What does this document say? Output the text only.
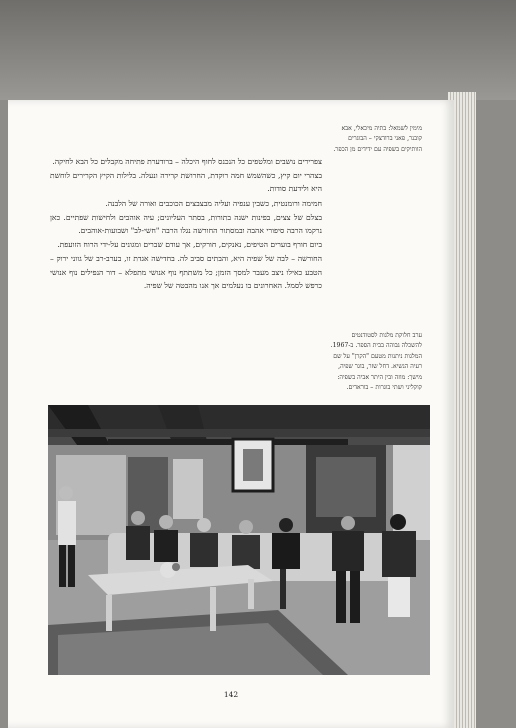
צפרירים נושבים ומלטפים כל הנכנס לחוף היכלה – ברודערת פתיחה מקבלים כל הבא לחיקה.

בצהרי יום קיץ, כשהשמש חמה רוקדת, החרושת קרירה ונעלה. בלילות הקיץ הקרירים לוחשת היא ולידעת סודות.

חמימה ורומנטית, כשבין ענפיה ועליה מבצבצים הכוכבים ואורה של הלבנה.

בצלם של צצים, בפינות ישנה בתורות, בסתר העליונים; עיה אוהבים ולחישות שפתיים. כאן נרקמו הרבה סיפורי אהבה ובמסתור החורשה נגלו הרבה "חשי-לב" ושבועות-אוהבים.

ביום חורף בוערים הטיפים, נאנקים, חורקים, אך עודם שברים ומגונים על-ידי הרוח הזועפת.

החורשה – לבה של שפיה היא, והבתים סביב לה. בחדישה אגדת זו, בערב-רב של גווני ירוק – הטבע כאילו ניצב מעבר למסך הזמן; כל משתתף נוף אנושי מתפלא – דור הנפילים נוף אנושי כרפש לסמל. האחרונים בו נעלמים אך אנו מהבטה של שפיה.

מימין לשמאל: בתיה מיכאלי, אבא קובנר, פאני ברודצקי – הבוגרים הוותיקים בשפיה עם ידידים מן הכפר.
ערב חלוקת מלגות לסטודנטים להשכלה גבוהה בבית הספר. ב-1967. המלגות ניתנות מטעם "הקרן" על שם רעיה הנשיא. דחל שזר, בוגר שפיה, מישך: מוזה ובין היתר אביה בשפיה: קוקליני ושתי בוגרות – בוראדים.
142
